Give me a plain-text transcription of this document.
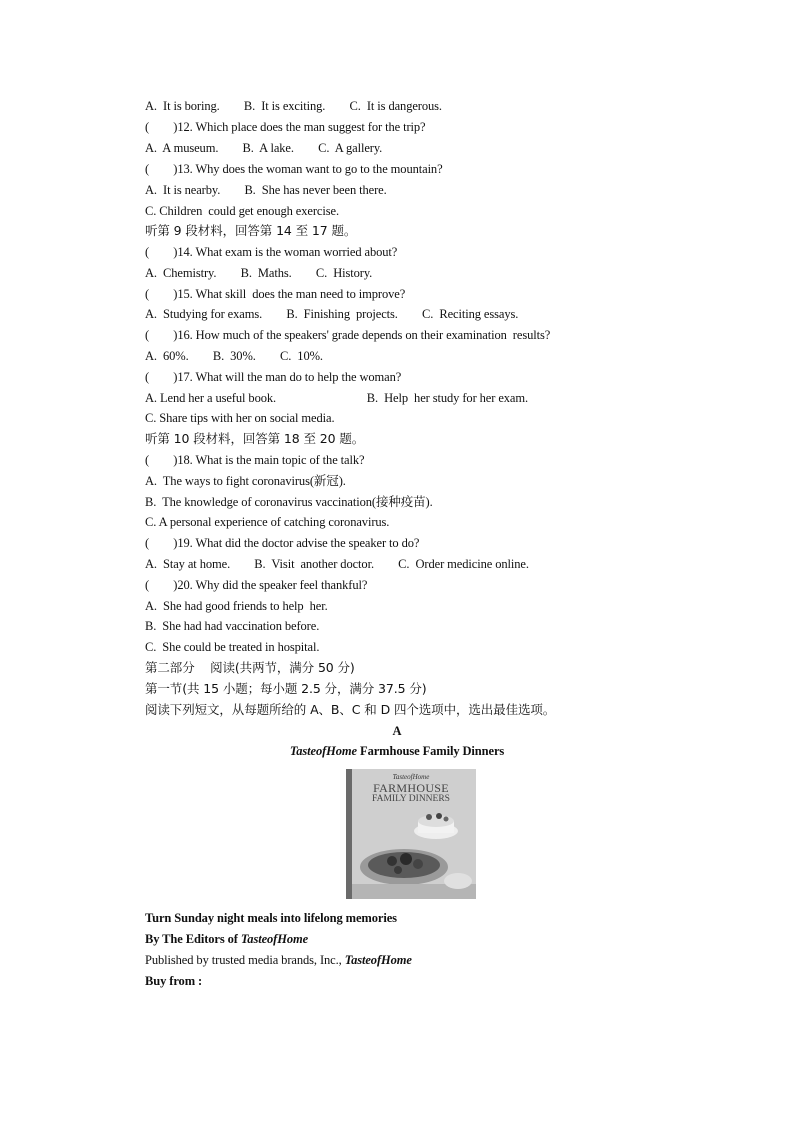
A.  It is boring.        B.  It is exciting.        C.  It is dangerous.
(        )12. Which place does the man suggest for the trip?
A.  A museum.        B.  A lake.        C.  A gallery.
(        )13. Why does the woman want to go to the mountain?
A.  It is nearby.        B.  She has never been there.
C. Children  could get enough exercise.
听第 9 段材料，回答第 14 至 17 题。
(        )14. What exam is the woman worried about?
A.  Chemistry.        B.  Maths.        C.  History.
(        )15. What skill  does the man need to improve?
A.  Studying for exams.        B.  Finishing  projects.        C.  Reciting essays.
(        )16. How much of the speakers' grade depends on their examination  results?
A.  60%.        B.  30%.        C.  10%.
(        )17. What will the man do to help the woman?
A. Lend her a useful book.                              B.  Help  her study for her exam.
C. Share tips with her on social media.
听第 10 段材料，回答第 18 至 20 题。
(        )18. What is the main topic of the talk?
A.  The ways to fight coronavirus(新冠).
B.  The knowledge of coronavirus vaccination(接种疫苗).
C. A personal experience of catching coronavirus.
(        )19. What did the doctor advise the speaker to do?
A.  Stay at home.        B.  Visit  another doctor.        C.  Order medicine online.
(        )20. Why did the speaker feel thankful?
A.  She had good friends to help  her.
B.  She had had vaccination before.
C.  She could be treated in hospital.
第二部分    阅读(共两节，满分 50 分)
第一节(共 15 小题；每小题 2.5 分，满分 37.5 分)
阅读下列短文，从每题所给的 A、B、C 和 D 四个选项中，选出最佳选项。
A
TasteofHome Farmhouse Family Dinners
TasteofHome
FARMHOUSE
FAMILY DINNERS
Turn Sunday night meals into lifelong memories
By The Editors of TasteofHome
Published by trusted media brands, Inc., TasteofHome
Buy from :
